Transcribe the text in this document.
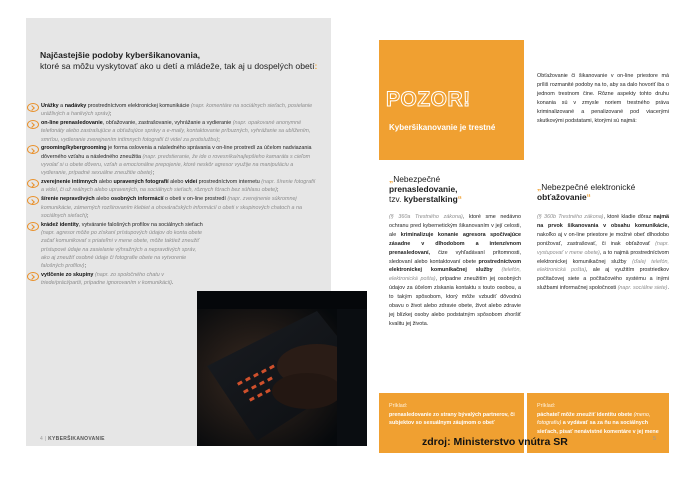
Najčastejšie podoby kyberšikanovania,
ktoré sa môžu vyskytovať ako u detí a mládeže, tak aj u dospelých obetí:
Urážky a nadávky prostredníctvom elektronickej komunikácie (napr. komentáre na sociálnych sieťach, posielanie urážlivých a hanlivých správ);
on-line prenasledovanie, obťažovanie, zastrašovanie, vyhrážanie a vydieranie (napr. opakované anonymné telefonáty alebo zastrašujúce a obťažujúce správy a e-maily, kontaktovanie príbuzných, vyhrážanie sa ublížením, smrťou, vydieranie zverejnením intímnych fotografií či videí za protislužbu);
grooming/kybergrooming je forma oslovenia a následného správania v on-line prostredí za účelom nadviazania dôverného vzťahu a následného zneužitia (napr. predstieranie, že ide o rovesníka/najlepšieho kamaráta s cieľom vyvolať si u obete dôveru, vzťah a emocionálne prepojenie, ktoré neskôr agresor využije na manipuláciu a vydieranie, prípadné sexuálne zneužitie obete);
zverejnenie intímnych alebo upravených fotografií alebo videí prostredníctvom internetu (napr. šírenie fotografií a videí, či už reálnych alebo upravených, na sociálnych sieťach, rôznych fórach bez súhlasu obete);
šírenie nepravdivých alebo osobných informácií o obeti v on-line prostredí (napr. zverejnenie súkromnej komunikácie, zámerných rozširovaním klebiet a ohováračských informácií o obeti v skupinových chatoch a na sociálnych sieťach);
krádež identity, vytváranie falošných profilov na sociálnych sieťach (napr. agresor môže po získaní prístupových údajov do konta obete začať komunikovať s priateľmi v mene obete, môže taktiež zneužiť prístupové údaje na zasielanie výhražných a nepravdivých správ, ako aj zneužiť osobné údaje či fotografie obete na vytvorenie falošných profilov);
vytlčenie zo skupiny (napr. zo spoločného chatu v triede/práci/partii, prípadne ignorovaním v komunikácii).
4 | KYBERŠIKANOVANIE
POZOR!
Kyberšikanovanie je trestné
Obťažovanie či šikanovanie v on-line priestore má príliš rozmanité podoby na to, aby sa dalo hovoriť iba o jednom trestnom čine. Rôzne aspekty tohto druhu konania sú v zmysle noriem trestného práva kriminalizované a penalizované pod viacerými skutkovými podstatami, ktorými sú najmä:
„Nebezpečné
prenasledovanie,
tzv. kyberstalking“
„Nebezpečné elektronické
obťažovanie“
(§ 360a Trestného zákona), ktoré sme nedávno ochranu pred kybernetickým šikanovaním v její celosti, ale kriminalizuje konanie agresora spočívajúce zásadne v dlhodobom a intenzívnom prenasledovaní, čize vyhľadávaní prítomnosti, sledovaní alebo kontaktovaní obete prostredníctvom elektronickej komunikačnej služby (telefón, elektronická pošta), prípadne zneužitím jej osobných údajov za účelom získania kontaktu s touto osobou, a to takým spôsobom, ktorý môže vzbudiť dôvodnú obavu o život alebo zdravie obete, život alebo zdravie jej blízkej osoby alebo podstatným spôsobom zhoršiť kvalitu jej života.
(§ 360b Trestného zákona), ktoré kladie dôraz najmä na prvok šikanovania v obsahu komunikácie, nakoľko aj v on-line priestore je možné obeť dlhodobo ponižovať, zastrašovať, či inak obťažovať (napr. vystupovať v mene obete), a to najmä prostredníctvom elektronickej komunikačnej služby (ďalej telefón, elektronická pošta), ale aj využitím prostriedkov počítačovej siete a počítačového systému a inými službami informačnej spoločnosti (napr. sociálne siete).
Príklad:
prenasledovanie zo strany bývalých partnerov, či subjektov so sexuálnym záujmom o obeť
Príklad:
páchateľ môže zneužiť identitu obete (meno, fotografiu) a vydávať sa za ňu na sociálnych sieťach, písať nenávistné komentáre v jej mene
zdroj: Ministerstvo vnútra SR	5
